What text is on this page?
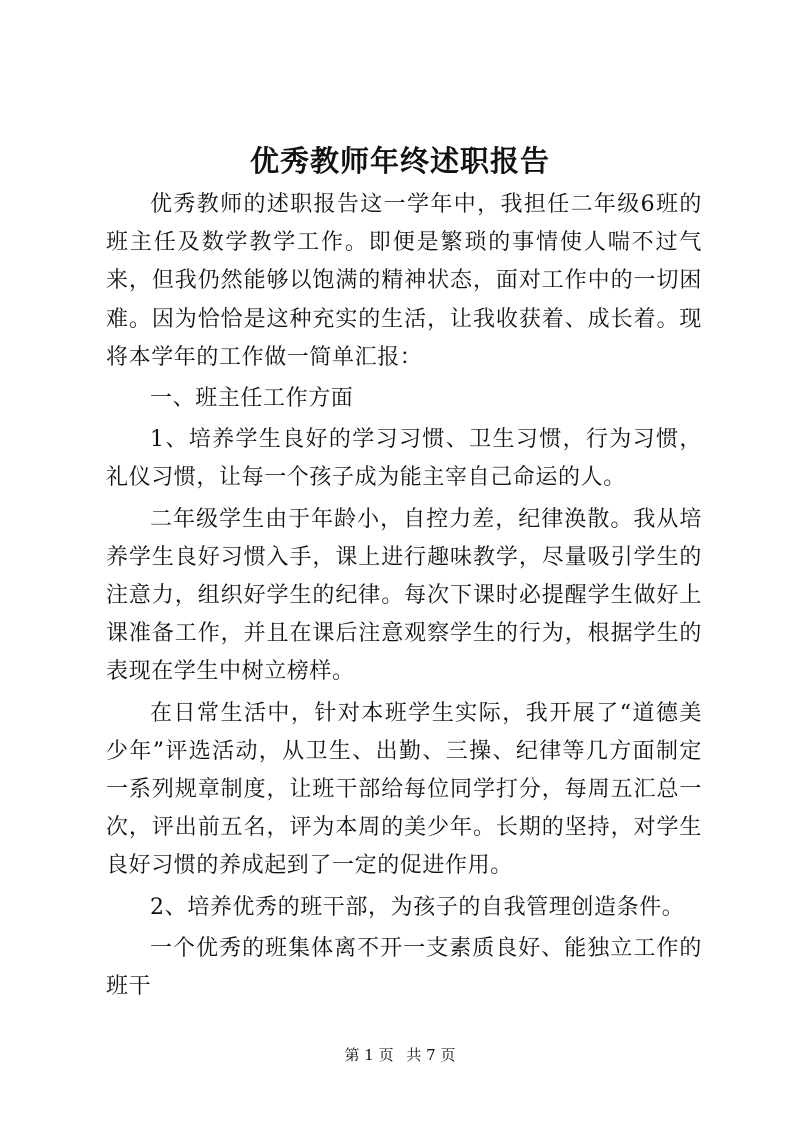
优秀教师年终述职报告

优秀教师的述职报告这一学年中，我担任二年级6班的班主任及数学教学工作。即便是繁琐的事情使人喘不过气来，但我仍然能够以饱满的精神状态，面对工作中的一切困难。因为恰恰是这种充实的生活，让我收获着、成长着。现将本学年的工作做一简单汇报：

一、班主任工作方面

1、培养学生良好的学习习惯、卫生习惯，行为习惯，礼仪习惯，让每一个孩子成为能主宰自己命运的人。

二年级学生由于年龄小，自控力差，纪律涣散。我从培养学生良好习惯入手，课上进行趣味教学，尽量吸引学生的注意力，组织好学生的纪律。每次下课时必提醒学生做好上课准备工作，并且在课后注意观察学生的行为，根据学生的表现在学生中树立榜样。

在日常生活中，针对本班学生实际，我开展了“道德美少年”评选活动，从卫生、出勤、三操、纪律等几方面制定一系列规章制度，让班干部给每位同学打分，每周五汇总一次，评出前五名，评为本周的美少年。长期的坚持，对学生良好习惯的养成起到了一定的促进作用。

2、培养优秀的班干部，为孩子的自我管理创造条件。

一个优秀的班集体离不开一支素质良好、能独立工作的班干

第 1 页 共 7 页
